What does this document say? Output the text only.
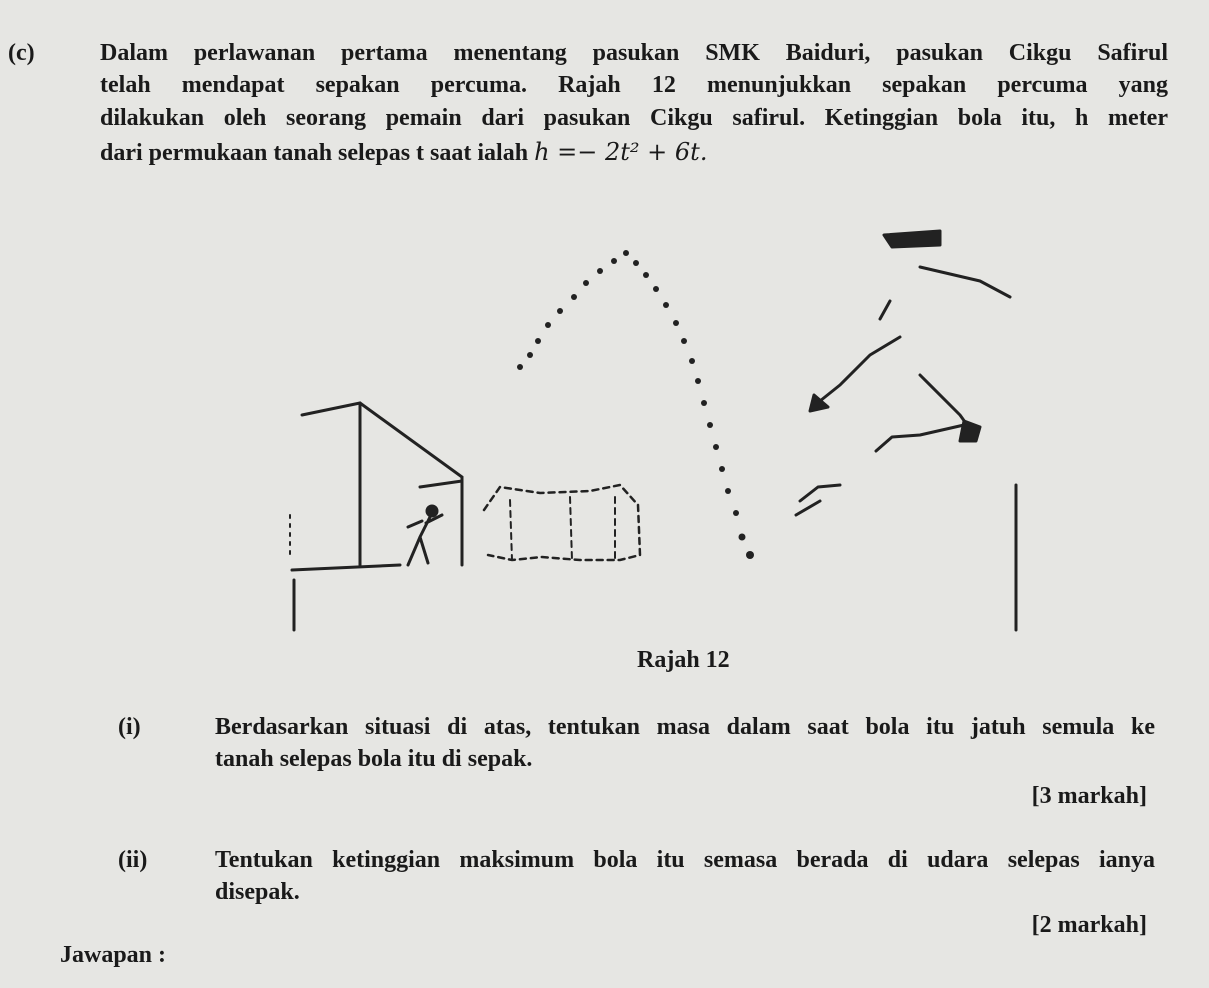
(c)	Dalam perlawanan pertama menentang pasukan SMK Baiduri, pasukan Cikgu Safirul
telah mendapat sepakan percuma. Rajah 12 menunjukkan sepakan percuma yang
dilakukan oleh seorang pemain dari pasukan Cikgu safirul. Ketinggian bola itu, h meter
dari permukaan tanah selepas t saat ialah h =− 2t² + 6t.
Rajah 12
(i)	Berdasarkan situasi di atas, tentukan masa dalam saat bola itu jatuh semula ke
tanah selepas bola itu di sepak.
[3 markah]
(ii)	Tentukan ketinggian maksimum bola itu semasa berada di udara selepas ianya
disepak.
[2 markah]
Jawapan :
